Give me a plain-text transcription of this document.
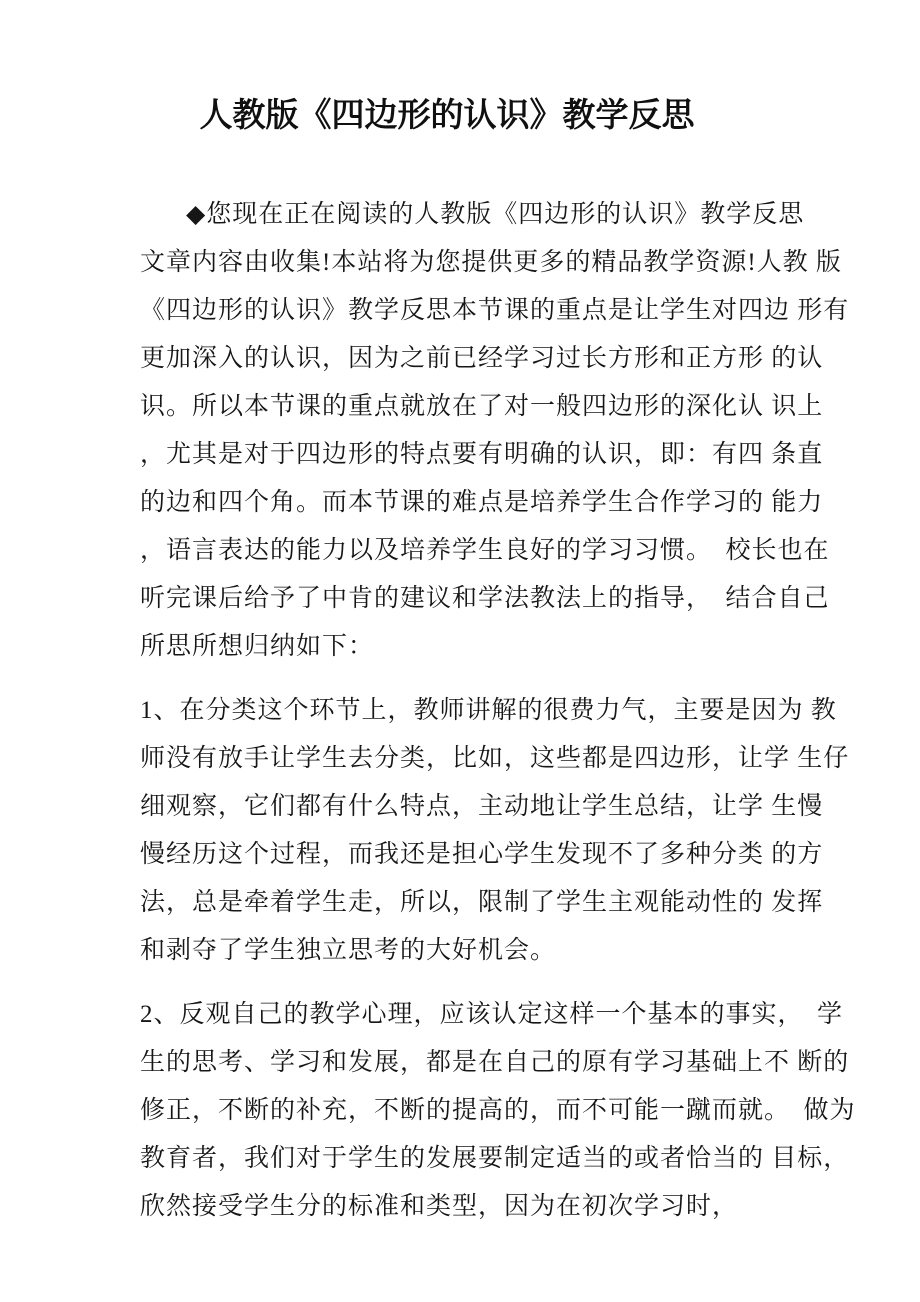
人教版《四边形的认识》教学反思
◆您现在正在阅读的人教版《四边形的认识》教学反思
文章内容由收集!本站将为您提供更多的精品教学资源!人教 版
《四边形的认识》教学反思本节课的重点是让学生对四边 形有
更加深入的认识，因为之前已经学习过长方形和正方形 的认
识。所以本节课的重点就放在了对一般四边形的深化认 识上
，尤其是对于四边形的特点要有明确的认识，即：有四 条直
的边和四个角。而本节课的难点是培养学生合作学习的 能力
，语言表达的能力以及培养学生良好的学习习惯。　校长也在
听完课后给予了中肯的建议和学法教法上的指导，　结合自己
所思所想归纳如下：
1、在分类这个环节上，教师讲解的很费力气，主要是因为 教
师没有放手让学生去分类，比如，这些都是四边形，让学 生仔
细观察，它们都有什么特点，主动地让学生总结，让学 生慢
慢经历这个过程，而我还是担心学生发现不了多种分类 的方
法，总是牵着学生走，所以，限制了学生主观能动性的 发挥
和剥夺了学生独立思考的大好机会。
2、反观自己的教学心理，应该认定这样一个基本的事实，　学
生的思考、学习和发展，都是在自己的原有学习基础上不 断的
修正，不断的补充，不断的提高的，而不可能一蹴而就。　做为
教育者，我们对于学生的发展要制定适当的或者恰当的 目标，
欣然接受学生分的标准和类型，因为在初次学习时，
